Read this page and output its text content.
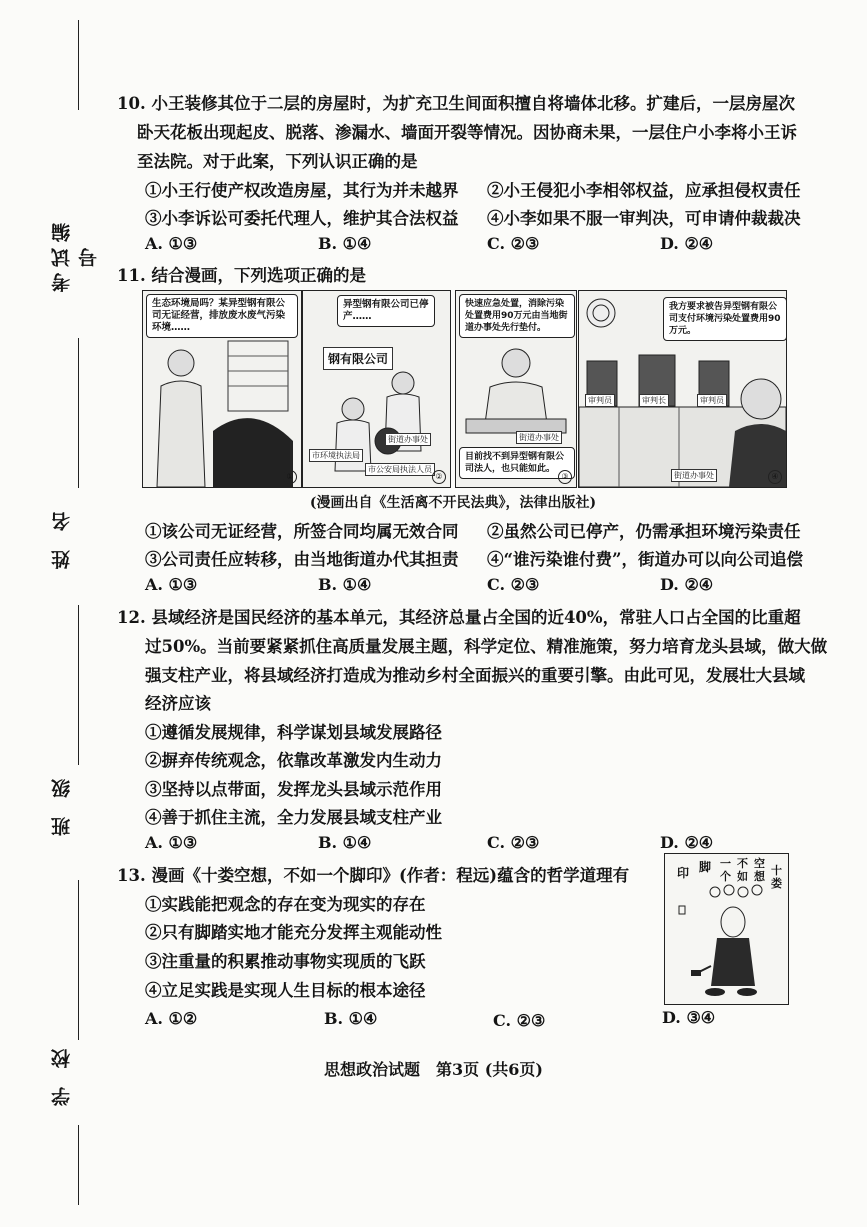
考试编号
姓 名
班 级
学 校
10. 小王装修其位于二层的房屋时，为扩充卫生间面积擅自将墙体北移。扩建后，一层房屋次
卧天花板出现起皮、脱落、渗漏水、墙面开裂等情况。因协商未果，一层住户小李将小王诉
至法院。对于此案，下列认识正确的是
①小王行使产权改造房屋，其行为并未越界 ②小王侵犯小李相邻权益，应承担侵权责任
③小李诉讼可委托代理人，维护其合法权益 ④小李如果不服一审判决，可申请仲裁裁决
A. ①③	B. ①④	C. ②③	D. ②④
11. 结合漫画，下列选项正确的是
生态环境局吗？某异型钢有限公司无证经营，排放废水废气污染环境……
①
异型钢有限公司已停产……
钢有限公司
街道办事处
市环境执法局
市公安局执法人员
②
快速应急处置，消除污染处置费用90万元由当地街道办事处先行垫付。
街道办事处
目前找不到异型钢有限公司法人，也只能如此。
③
我方要求被告异型钢有限公司支付环境污染处置费用90万元。
审判员	审判长	审判员
街道办事处	④
(漫画出自《生活离不开民法典》，法律出版社)
①该公司无证经营，所签合同均属无效合同 ②虽然公司已停产，仍需承担环境污染责任
③公司责任应转移，由当地街道办代其担责 ④“谁污染谁付费”，街道办可以向公司追偿
A. ①③	B. ①④	C. ②③	D. ②④
12. 县域经济是国民经济的基本单元，其经济总量占全国的近40%，常驻人口占全国的比重超
过50%。当前要紧紧抓住高质量发展主题，科学定位、精准施策，努力培育龙头县域，做大做
强支柱产业，将县域经济打造成为推动乡村全面振兴的重要引擎。由此可见，发展壮大县域
经济应该
①遵循发展规律，科学谋划县域发展路径
②摒弃传统观念，依靠改革激发内生动力
③坚持以点带面，发挥龙头县域示范作用
④善于抓住主流，全力发展县域支柱产业
A. ①③	B. ①④	C. ②③	D. ②④
13. 漫画《十娄空想，不如一个脚印》(作者：程远)蕴含的哲学道理有
①实践能把观念的存在变为现实的存在
②只有脚踏实地才能充分发挥主观能动性
③注重量的积累推动事物实现质的飞跃
④立足实践是实现人生目标的根本途径
A. ①②	B. ①④	C. ②③	D. ③④
印 脚 一个
不如
空想 十娄
思想政治试题　第3页 (共6页)
